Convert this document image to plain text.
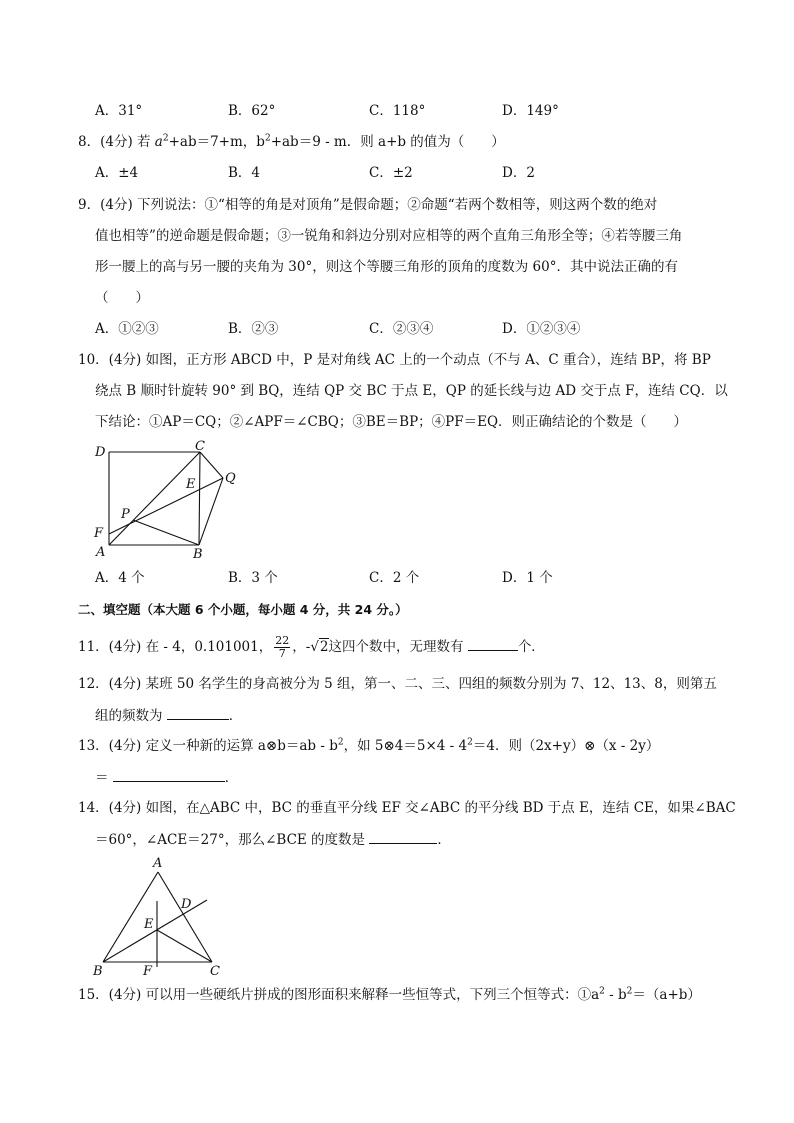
A．31°	B．62°	C．118°	D．149°
8．(4分) 若 $a^2+ab=7+m$，$b^2+ab=9 - m$．则 a+b 的值为（　　）
A．±4	B．4	C．±2	D．2
9．(4分) 下列说法：①“相等的角是对顶角”是假命题；②命题“若两个数相等，则这两个数的绝对
值也相等”的逆命题是假命题；③一锐角和斜边分别对应相等的两个直角三角形全等；④若等腰三角
形一腰上的高与另一腰的夹角为 30°，则这个等腰三角形的顶角的度数为 60°．其中说法正确的有
（　　）
A．①②③	B．②③	C．②③④	D．①②③④
10．(4分) 如图，正方形 ABCD 中，P 是对角线 AC 上的一个动点（不与 A、C 重合），连结 BP，将 BP
绕点 B 顺时针旋转 90° 到 BQ，连结 QP 交 BC 于点 E，QP 的延长线与边 AD 交于点 F，连结 CQ．以
下结论：①AP＝CQ；②∠APF＝∠CBQ；③BE＝BP；④PF＝EQ．则正确结论的个数是（　　）
D	C
Q
E
P
F
A	B
A．4 个	B．3 个	C．2 个	D．1 个
二、填空题（本大题 6 个小题，每小题 4 分，共 24 分。）
11．(4分) 在 - 4，0.101001， $\frac{22}{7}$ ，-√2这四个数中，无理数有	个．
12．(4分) 某班 50 名学生的身高被分为 5 组，第一、二、三、四组的频数分别为 7、12、13、8，则第五
组的频数为	．
13．(4分) 定义一种新的运算 a⊗b＝ab - $b^2$，如 5⊗4＝5×4 - $4^2=4$．则（2x+y）⊗（x - 2y）
＝	．
14．(4分) 如图，在△ABC 中，BC 的垂直平分线 EF 交∠ABC 的平分线 BD 于点 E，连结 CE，如果∠BAC
＝60°，∠ACE＝27°，那么∠BCE 的度数是	．
A
D
E
B	F	C
15．(4分) 可以用一些硬纸片拼成的图形面积来解释一些恒等式，下列三个恒等式：$①a^2 - b^2=(a+b)$
